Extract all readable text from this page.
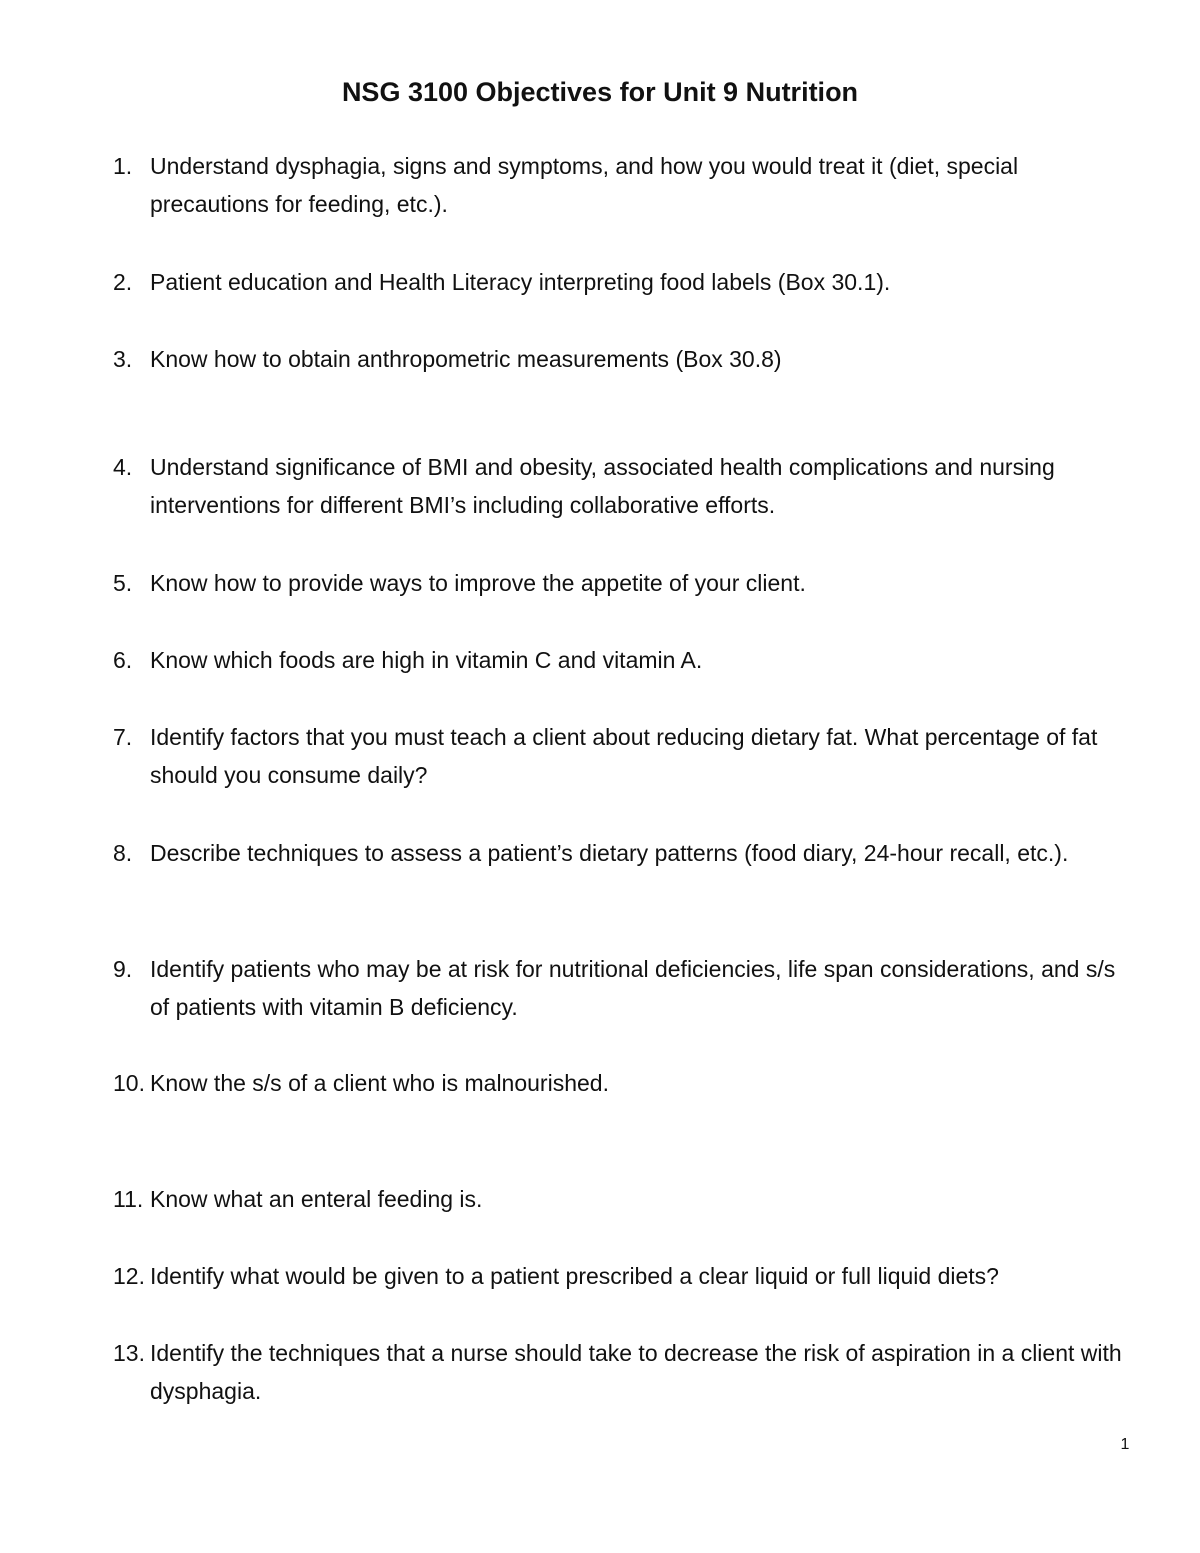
NSG 3100 Objectives for Unit 9 Nutrition
1. Understand dysphagia, signs and symptoms, and how you would treat it (diet, special precautions for feeding, etc.).
2. Patient education and Health Literacy interpreting food labels (Box 30.1).
3. Know how to obtain anthropometric measurements (Box 30.8)
4. Understand significance of BMI and obesity, associated health complications and nursing interventions for different BMI’s including collaborative efforts.
5. Know how to provide ways to improve the appetite of your client.
6. Know which foods are high in vitamin C and vitamin A.
7. Identify factors that you must teach a client about reducing dietary fat. What percentage of fat should you consume daily?
8. Describe techniques to assess a patient’s dietary patterns (food diary, 24-hour recall, etc.).
9. Identify patients who may be at risk for nutritional deficiencies, life span considerations, and s/s of patients with vitamin B deficiency.
10. Know the s/s of a client who is malnourished.
11. Know what an enteral feeding is.
12. Identify what would be given to a patient prescribed a clear liquid or full liquid diets?
13. Identify the techniques that a nurse should take to decrease the risk of aspiration in a client with dysphagia.
1
